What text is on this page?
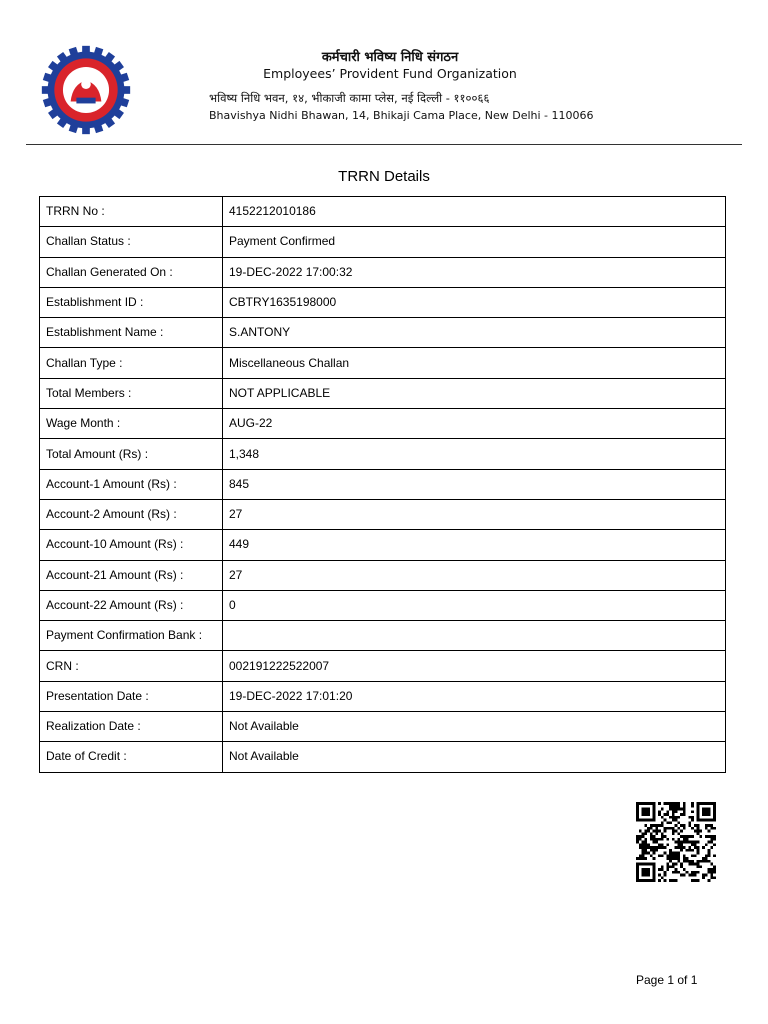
कर्मचारी भविष्य निधि संगठन
Employees’ Provident Fund Organization
भविष्य निधि भवन, १४, भीकाजी कामा प्लेस, नई दिल्ली - ११००६६
Bhavishya Nidhi Bhawan, 14, Bhikaji Cama Place, New Delhi - 110066
TRRN Details
TRRN No :	4152212010186
Challan Status :	Payment Confirmed
Challan Generated On :	19-DEC-2022 17:00:32
Establishment ID :	CBTRY1635198000
Establishment Name :	S.ANTONY
Challan Type :	Miscellaneous Challan
Total Members :	NOT APPLICABLE
Wage Month :	AUG-22
Total Amount (Rs) :	1,348
Account-1 Amount (Rs) :	845
Account-2 Amount (Rs) :	27
Account-10 Amount (Rs) :	449
Account-21 Amount (Rs) :	27
Account-22 Amount (Rs) :	0
Payment Confirmation Bank :	
CRN :	002191222522007
Presentation Date :	19-DEC-2022 17:01:20
Realization Date :	Not Available
Date of Credit :	Not Available
Page 1 of 1
